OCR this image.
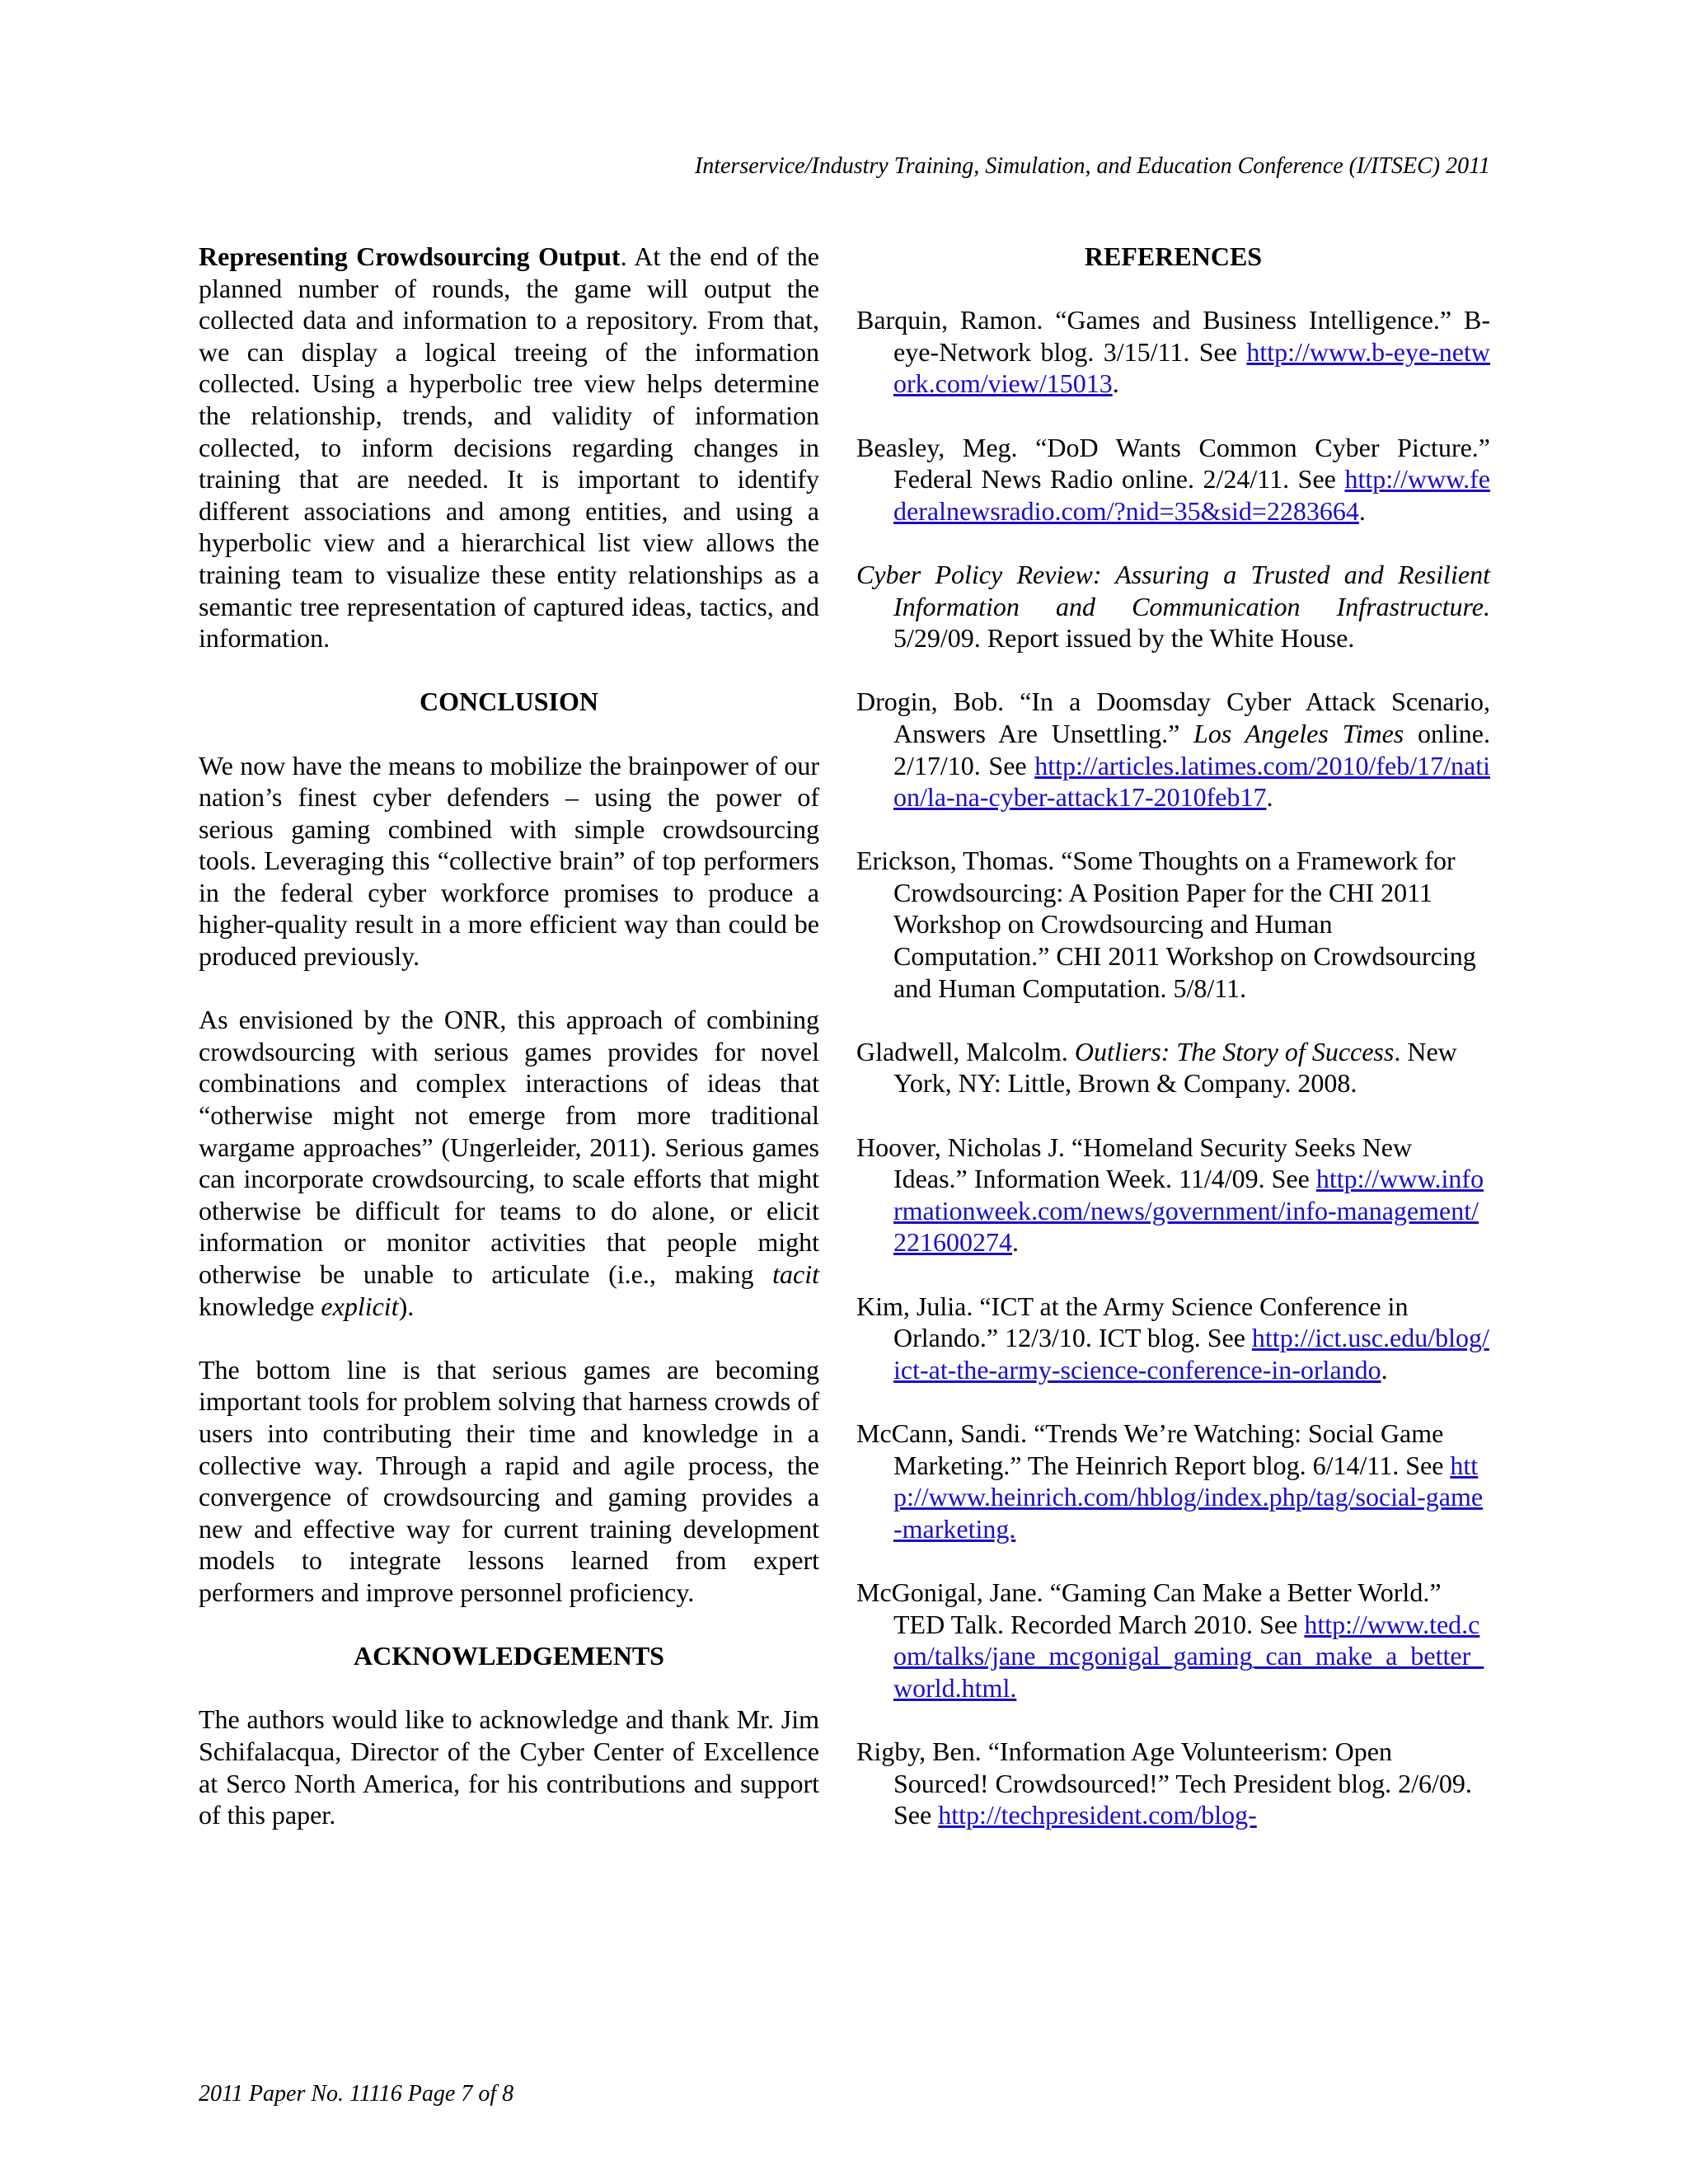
Interservice/Industry Training, Simulation, and Education Conference (I/ITSEC) 2011

Representing Crowdsourcing Output. At the end of the planned number of rounds, the game will output the collected data and information to a repository. From that, we can display a logical treeing of the information collected. Using a hyperbolic tree view helps determine the relationship, trends, and validity of information collected, to inform decisions regarding changes in training that are needed. It is important to identify different associations and among entities, and using a hyperbolic view and a hierarchical list view allows the training team to visualize these entity relationships as a semantic tree representation of captured ideas, tactics, and information.

CONCLUSION

We now have the means to mobilize the brainpower of our nation’s finest cyber defenders – using the power of serious gaming combined with simple crowdsourcing tools. Leveraging this “collective brain” of top performers in the federal cyber workforce promises to produce a higher-quality result in a more efficient way than could be produced previously.

As envisioned by the ONR, this approach of combining crowdsourcing with serious games provides for novel combinations and complex interactions of ideas that “otherwise might not emerge from more traditional wargame approaches” (Ungerleider, 2011). Serious games can incorporate crowdsourcing, to scale efforts that might otherwise be difficult for teams to do alone, or elicit information or monitor activities that people might otherwise be unable to articulate (i.e., making tacit knowledge explicit).

The bottom line is that serious games are becoming important tools for problem solving that harness crowds of users into contributing their time and knowledge in a collective way. Through a rapid and agile process, the convergence of crowdsourcing and gaming provides a new and effective way for current training development models to integrate lessons learned from expert performers and improve personnel proficiency.

ACKNOWLEDGEMENTS

The authors would like to acknowledge and thank Mr. Jim Schifalacqua, Director of the Cyber Center of Excellence at Serco North America, for his contributions and support of this paper.

REFERENCES

Barquin, Ramon. “Games and Business Intelligence.” B-eye-Network blog. 3/15/11. See http://www.b-eye-network.com/view/15013.

Beasley, Meg. “DoD Wants Common Cyber Picture.” Federal News Radio online. 2/24/11. See http://www.federalnewsradio.com/?nid=35&sid=2283664.

Cyber Policy Review: Assuring a Trusted and Resilient Information and Communication Infrastructure. 5/29/09. Report issued by the White House.

Drogin, Bob. “In a Doomsday Cyber Attack Scenario, Answers Are Unsettling.” Los Angeles Times online. 2/17/10. See http://articles.latimes.com/2010/feb/17/nation/la-na-cyber-attack17-2010feb17.

Erickson, Thomas. “Some Thoughts on a Framework for Crowdsourcing: A Position Paper for the CHI 2011 Workshop on Crowdsourcing and Human Computation.” CHI 2011 Workshop on Crowdsourcing and Human Computation. 5/8/11.

Gladwell, Malcolm. Outliers: The Story of Success. New York, NY: Little, Brown & Company. 2008.

Hoover, Nicholas J. “Homeland Security Seeks New Ideas.” Information Week. 11/4/09. See http://www.informationweek.com/news/government/info-management/221600274.

Kim, Julia. “ICT at the Army Science Conference in Orlando.” 12/3/10. ICT blog. See http://ict.usc.edu/blog/ict-at-the-army-science-conference-in-orlando.

McCann, Sandi. “Trends We’re Watching: Social Game Marketing.” The Heinrich Report blog. 6/14/11. See http://www.heinrich.com/hblog/index.php/tag/social-game-marketing.

McGonigal, Jane. “Gaming Can Make a Better World.” TED Talk. Recorded March 2010. See http://www.ted.com/talks/jane_mcgonigal_gaming_can_make_a_better_world.html.

Rigby, Ben. “Information Age Volunteerism: Open Sourced! Crowdsourced!” Tech President blog. 2/6/09. See http://techpresident.com/blog-

2011 Paper No. 11116 Page 7 of 8
